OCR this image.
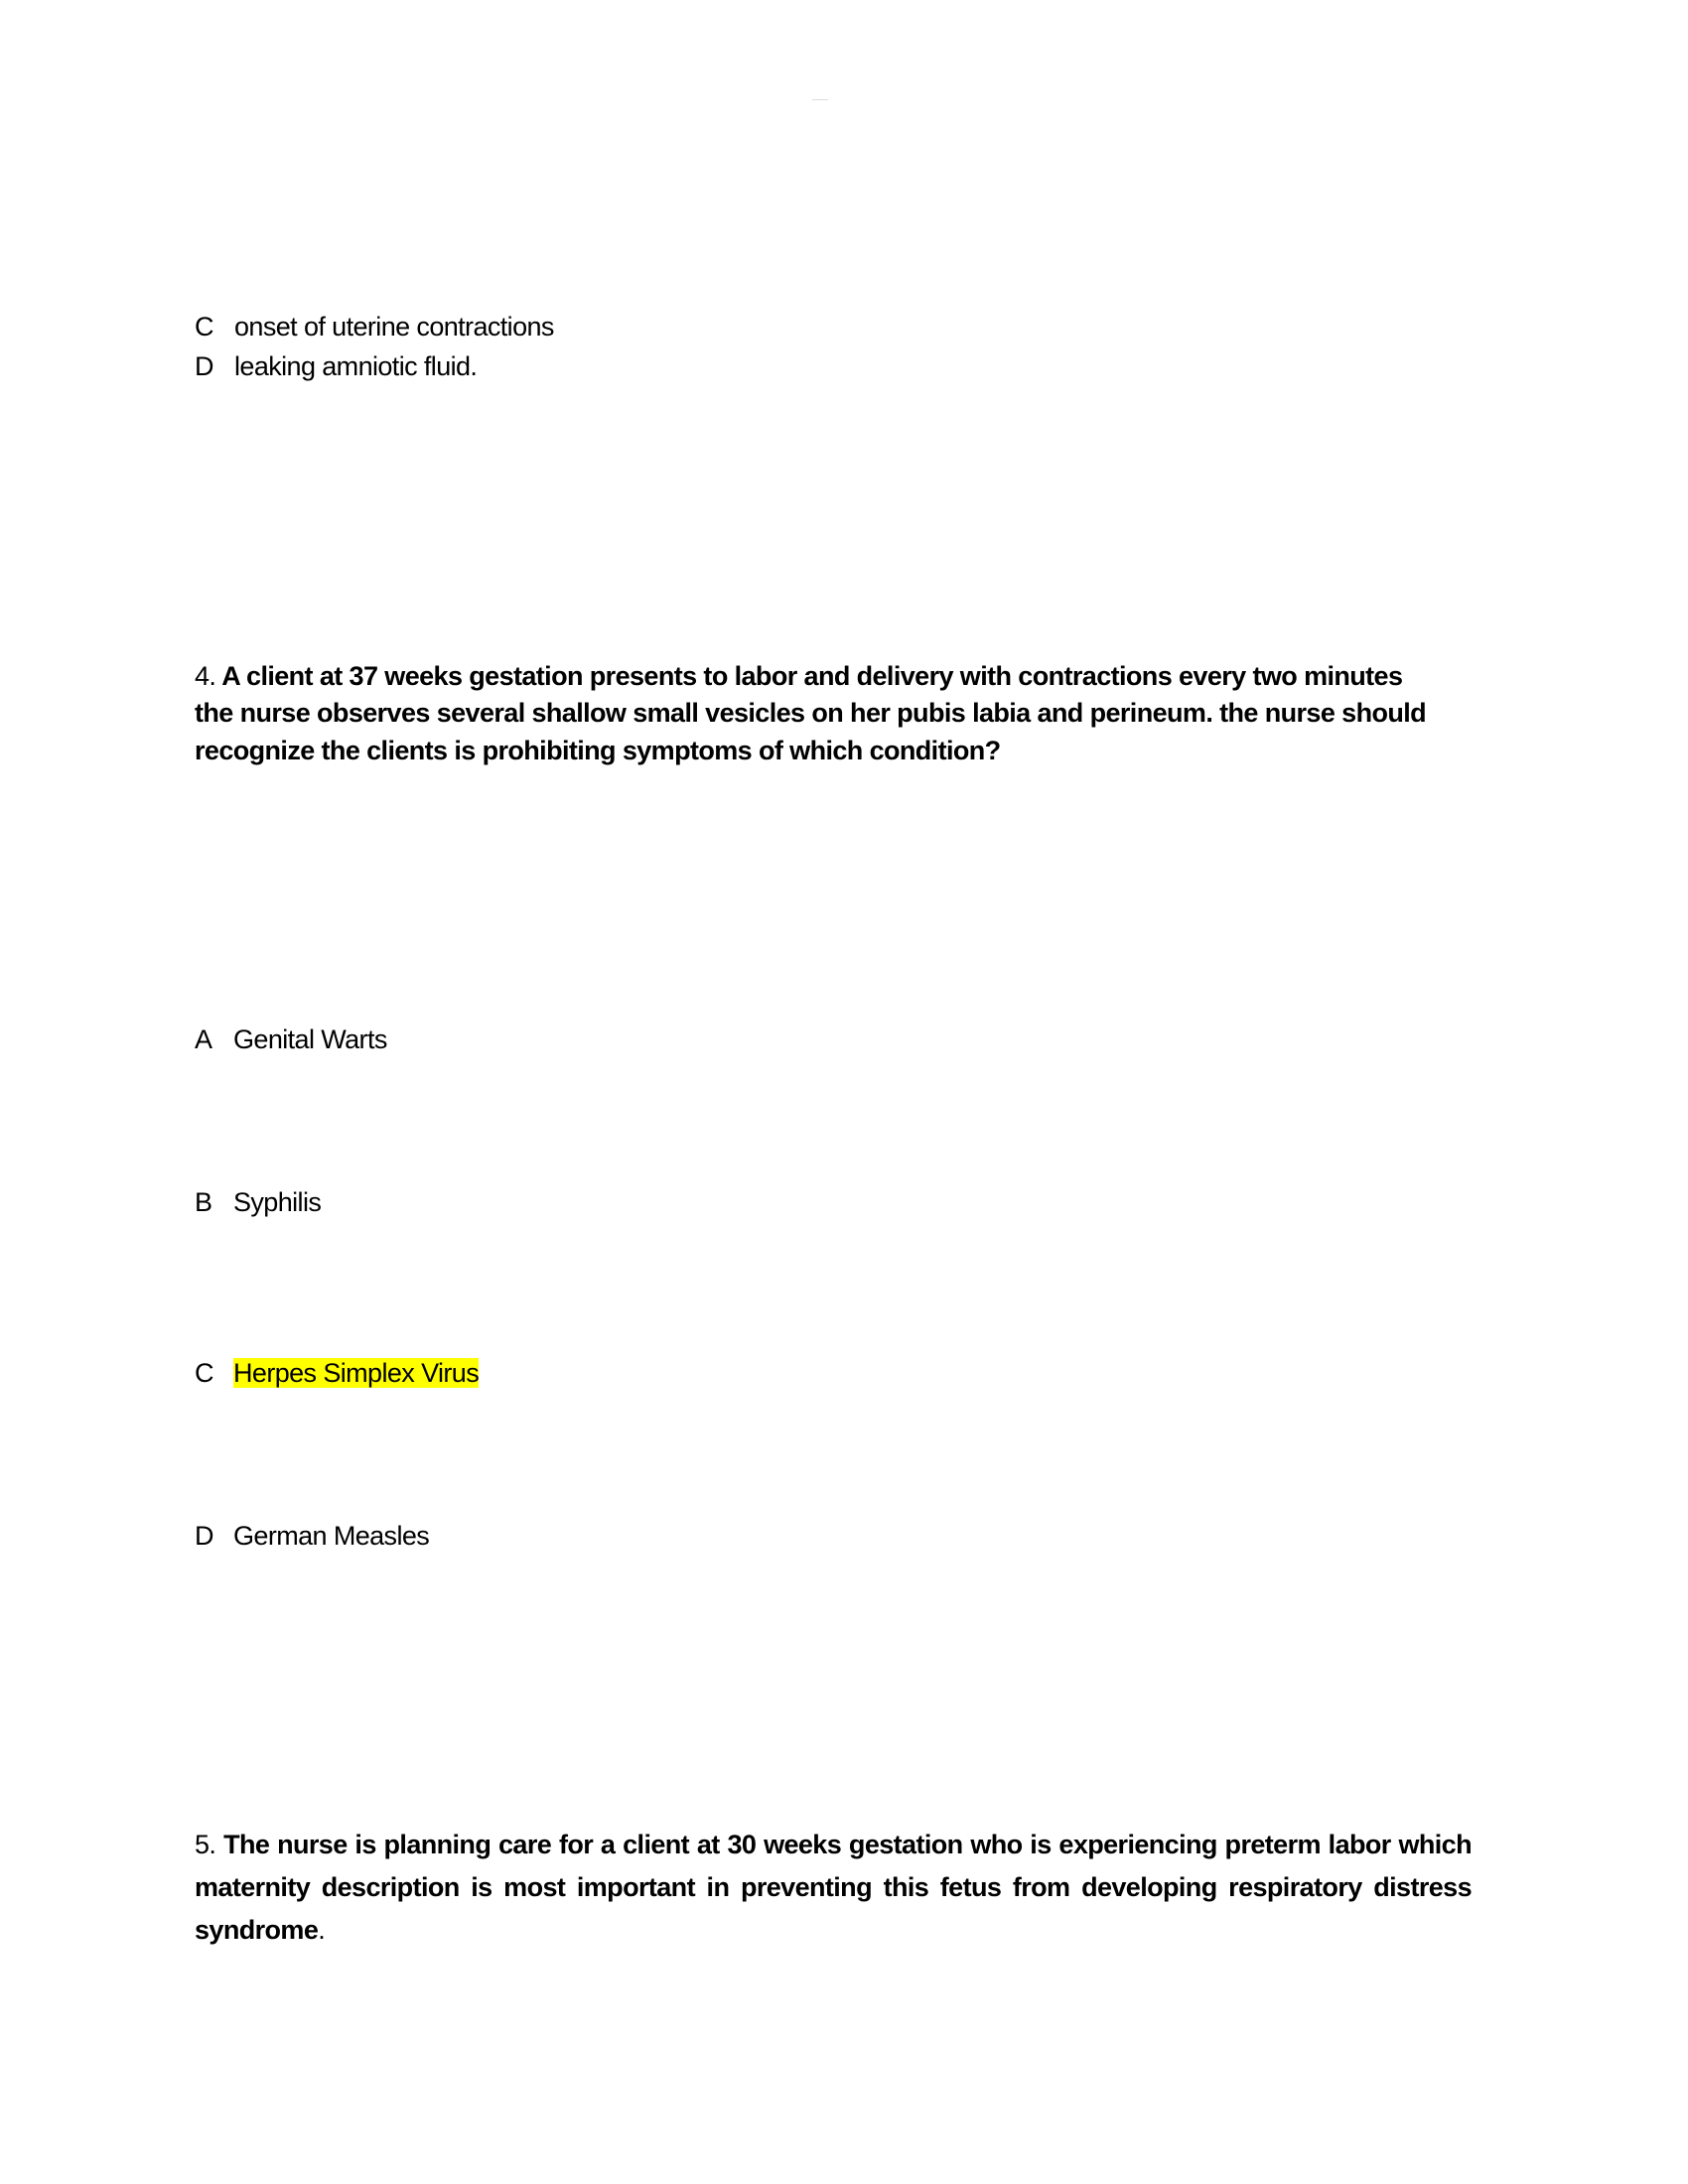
————
C onset of uterine contractions
D leaking amniotic fluid.
4. A client at 37 weeks gestation presents to labor and delivery with contractions every two minutes
the nurse observes several shallow small vesicles on her pubis labia and perineum. the nurse should
recognize the clients is prohibiting symptoms of which condition?
A Genital Warts
B Syphilis
C Herpes Simplex Virus
D German Measles
5. The nurse is planning care for a client at 30 weeks gestation who is experiencing preterm labor which
maternity description is most important in preventing this fetus from developing respiratory distress
syndrome.
